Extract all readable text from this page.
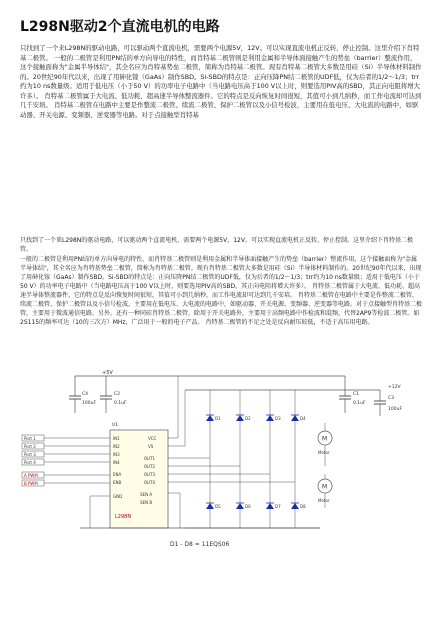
L298N驱动2个直流电机的电路

只找到了一个来L298N的驱动电路，可以驱动两个直流电机，需要两个电源5V，12V。可以实现直流电机正反转，停止控制。这里介绍下肖特基二极管。 一般的二极管是利用PN结的单方向导电的特性，而肖特基二极管则是利用金属和半导体面接触产生的势垒（barrier）整流作用，这个接触面称为"金属半导体结"，其全名应为肖特基势垒二极管，简称为肖特基二极管。现有肖特基二极管大多数是用硅（Si）半导体材料制作的。20世纪90年代以来，出现了用砷化镓（GaAs）制作SBD。Si-SBD的特点是：正向压降PN结二极管的UDF低，仅为后者的1/2～1/3；trr约为10 ns数量级；适用于低电压（小于50 V）的功率电子电路中（当电路电压高于100 V以上时，则要选用PIV高的SBD，其正向电阻将增大许多）。 肖特基二极管属于大电流、低功耗、超高速半导体整流器件。它的特点是反向恢复时间很短，其值可小到几纳秒，而工作电流却可达到几千安培。 肖特基二极管在电路中主要是作整流二极管、续流二极管、保护二极管以及小信号检波，主要用在低电压、大电流的电路中，如驱动器、开关电源、变频器、逆变器等电路。对于点接触型肖特基

只找到了一个来L298N的驱动电路，可以驱动两个直流电机，需要两个电源5V，12V。可以实现直流电机正反转，停止控制。这里介绍下肖特基二极管。

一般的二极管是利用PN结的单方向导电的特性，而肖特基二极管则是利用金属和半导体面接触产生的势垒（barrier）整流作用，这个接触面称为"金属半导体结"，其全名应为肖特基势垒二极管，简称为肖特基二极管。现有肖特基二极管大多数是用硅（Si）半导体材料制作的。20世纪90年代以来，出现了用砷化镓（GaAs）制作SBD。Si-SBD的特点是：正向压降PN结二极管的UDF低，仅为后者的1/2～1/3；trr约为10 ns数量级；适用于低电压（小于50 V）的功率电子电路中（当电路电压高于100 V以上时，则要选用PIV高的SBD，其正向电阻将增大许多）。 肖特基二极管属于大电流、低功耗、超高速半导体整流器件。它的特点是反向恢复时间很短，其值可小到几纳秒，而工作电流却可达到几千安培。 肖特基二极管在电路中主要是作整流二极管、续流二极管、保护二极管以及小信号检波，主要用在低电压、大电流的电路中，如驱动器、开关电源、变频器、逆变器等电路。对于点接触型肖特基二极管，主要用于微波通信电路。另外，还有一种同硅肖特基二极管，除用于开关电路外，主要用于高频电路中作检波和混频，代替2AP9等检波二极管。如2S115的频率可达（10的三次方）MHz，广泛用于一般的电子产品。 肖特基二极管的不足之处是反向耐压较低，不适于高压用电路。

+5V
C4
100uF
C2
0.1uF
U1
L298N
IN1
IN2
IN3
IN4
ENA
ENB
GND
VCC
VS
OUT1
OUT2
OUT3
OUT4
SEN A
SEN B
Port 1
Port 2
Port 3
Port 4
A PWM
B PWM
D1
D5
D2
D6
D3
D7
D4
D8
C1
0.1uF
C3
100uF
+12V
M
Motor
M
Motor
D1 - D8 = 11EQS06
